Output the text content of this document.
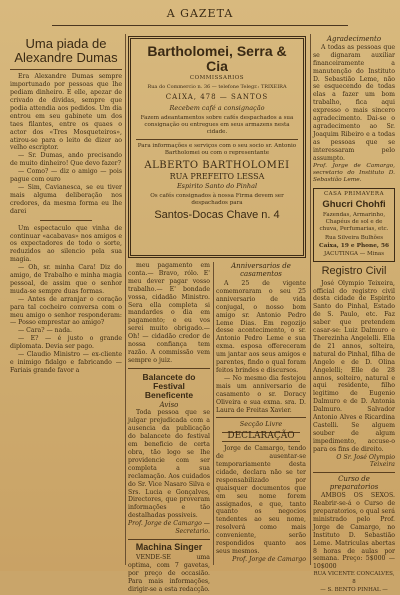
A GAZETA
Uma piada de Alexandre Dumas

Era Alexandre Dumas sempre importunado por pessoas que lhe pediam dinheiro. E elle, apezar de crivado de dividas, sempre que podia attendia aos pedidos. Um dia entrou em seu gabinete um dos taes filantes, entre os quaes o actor dos «Tres Mosqueteiros», atirou-se para o leito de dizer ao velho escriptor.

— Sr. Dumas, ando precisando de muito dinheiro! Que devo fazer?

— Como? — diz o amigo — pois pague com ouro

— Sim, Cavianesca, se eu tiver mais alguma deliberação nos credores, da mesma forma eu lhe darei

Um espectaculo que vinha de continuar «acabavas» nos amigos e os expectadores de todo o sorte, reduzidos ao silencio pela sua magia.

— Oh, sr. minha Cara! Diz do amigo, de Trabalho e minha magia pessoal, de assim que o senhor muda-se sempre duas formas.

— Antes de arranjar o coração para tal cocheiro conversa com o meu amigo o senhor responderam: — Posso emprestar ao amigo?

— Cara? — nada.

— E? — é justo o grande diplomata. Devia ser pago.

— Claudio Ministro — ex-cliente e inimigo fidalgo e fabricando — Fariais grande favor a

Bartholomei, Serra & Cia
COMMISSARIOS
Rua do Commercio n. 36 — telefone Telegr.: TRIXEIRA
CAIXA, 478 — SANTOS
Recebem café a consignação
Fazem adeantamentos sobre cafés despachados a sua consignação ou entregues em seus armazens nesta cidade.
Para informações e serviços com o seu socio sr. Antonio Bartholomei ou com o representante
ALBERTO BARTHOLOMEI
RUA PREFEITO LESSA
Espirito Santo do Pinhal
Os cafés consignados à nossa Firma devem ser despachados para
Santos-Docas Chave n. 4

meu pagamento em conta.— Bravo, rólo. E' meu dever pagar vosso trabalho.— E' bondade vossa, cidadão Ministro. Sera ella completa si mandardes o dia em pagamento; e eu vos serei muito obrigado.— Oh! — cidadão credor de nossa confiança tem razão. A commissão vem sempre o juiz.

Balancete do Festival Beneficente
Aviso

Toda pessoa que se julgar prejudicada com a ausencia da publicação do balancete do festival em beneficio de certa obra, tão logo se lhe providencie com ser completa a sua reclamação. Aos cuidados do Sr. Vice Nasaro Silva e Srs. Lucia e Gonçalves, Directores, que proveram informações e tão destalhadas possiveis.

Prof. Jorge de Camargo — Secretario.
Machina Singer

VENDE-SE uma optima, com 7 gavetas, por preço de occasião. Para mais informações, dirigir-se a esta redacção.

Anniversarios de casamentos

A 25 de vigente comemoraram o seu 25 anniversario de vida conjugal, o nosso bom amigo sr. Antonio Pedro Leme Dias. Em regozijo desse acontecimento, o sr. Antonio Pedro Leme e sua exma. esposa offereceram um jantar aos seus amigos e parentes, findo o qual foram feitos brindes e discursos.

— No mesmo dia festejou mais um anniversario de casamento o sr. Doracy Oliveira e sua exma. sra. D. Laura de Freitas Xavier.

Secção Livre
DECLARAÇÃO

Jorge de Camargo, tendo de ausentar-se temporariamente desta cidade, declara não se ter responsabilizado por quaisquer documentos que em seu nome forem assignados, e que, tanto quanto os negocios tendentes ao seu nome, resolverá como mais conveniente, serão respondidos quanto aos seus mesmos.

Prof. Jorge de Camargo
Agradecimento

A todas as pessoas que se dignaram auxiliar financeiramente a manutenção do Instituto D. Sebastião Leme, não se esquecendo de todas elas a fazer um bom trabalho, fica aqui expresso o mais sincero agradecimento. Dai-se o agradecimento ao Sr. Joaquim Ribeiro e a todas as pessoas que se interessaram pelo assumpto.

Prof. Jorge de Camargo, secretario do Instituto D. Sebastião Leme.
CASA PRIMAVERA
Ghucri Chohfi
Fazendas, Armarinho, Chapéus de sol e de chuva, Perfumarias, etc.
Rua Silveira Bulhões
Caixa, 19 e Phone, 56
JACUTINGA — Minas
Registro Civil

José Olympio Teixeira, official do registro civil desta cidade de Espirito Santo do Pinhal, Estado de S. Paulo, etc. Faz saber que pretendem casar-se: Luiz Dalmuro e Therezinha Angelelli. Ella de 21 annos, solteira, natural do Pinhal, filha de Angelo e de D. Olina Angelelli; Elle de 28 annos, solteiro, natural e aqui residente, filho legitimo de Eugenio Dalmuro e de D. Antonia Dalmuro. Salvador Antonio Alves e Ricardina Castelli. Se alguem souber de algum impedimento, accuse-o para os fins de direito.

O Sr. José Olympio Teixeira
Curso de preparatorios

AMBOS OS SEXOS. Reabrir-se-á o Curso de preparatorios, o qual será ministrado pelo Prof. Jorge de Camargo, no Instituto D. Sebastião Leme. Matriculas abertas 8 horas de aulas por semana. Preço: 5$000 — 10$000

RUA VICENTE CONCALVES, 8
— S. BENTO PINHAL —
